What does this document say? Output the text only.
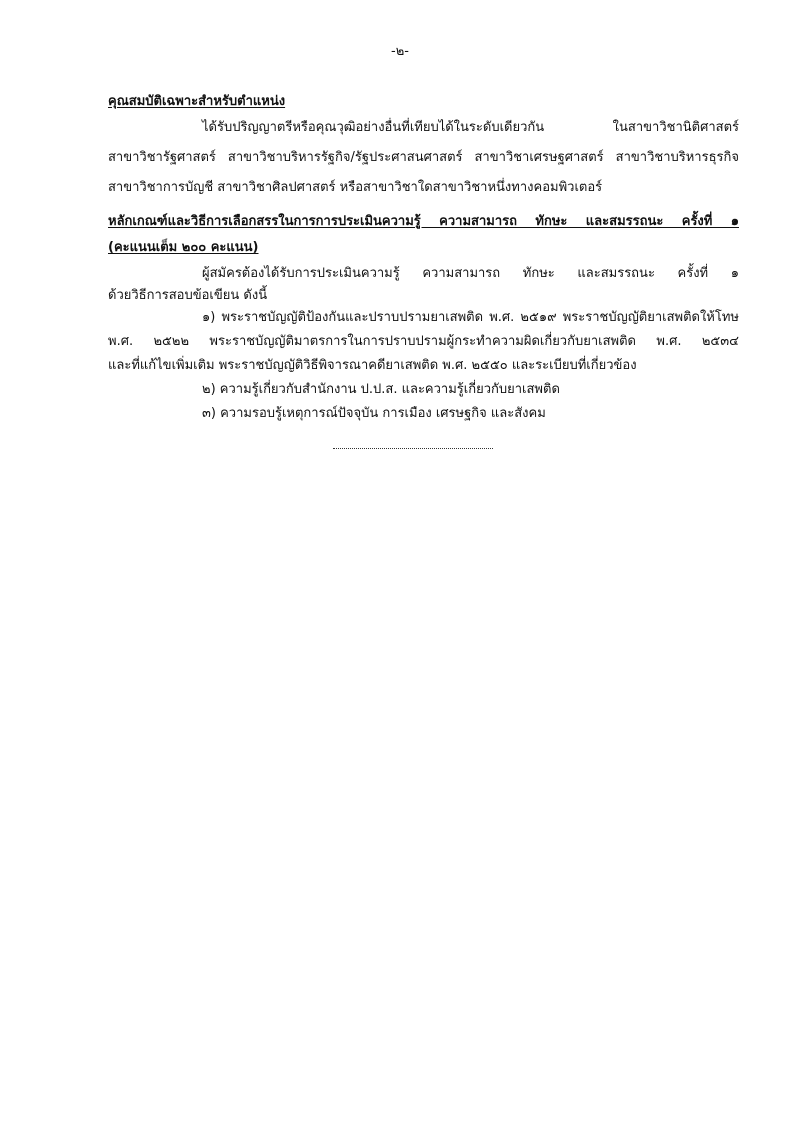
-๒-
คุณสมบัติเฉพาะสำหรับตำแหน่ง
ได้รับปริญญาตรีหรือคุณวุฒิอย่างอื่นที่เทียบได้ในระดับเดียวกัน ในสาขาวิชานิติศาสตร์
สาขาวิชารัฐศาสตร์ สาขาวิชาบริหารรัฐกิจ/รัฐประศาสนศาสตร์ สาขาวิชาเศรษฐศาสตร์ สาขาวิชาบริหารธุรกิจ
สาขาวิชาการบัญชี สาขาวิชาศิลปศาสตร์ หรือสาขาวิชาใดสาขาวิชาหนึ่งทางคอมพิวเตอร์
หลักเกณฑ์และวิธีการเลือกสรรในการการประเมินความรู้ ความสามารถ ทักษะ และสมรรถนะ ครั้งที่ ๑
(คะแนนเต็ม ๒๐๐ คะแนน)
ผู้สมัครต้องได้รับการประเมินความรู้ ความสามารถ ทักษะ และสมรรถนะ ครั้งที่ ๑
ด้วยวิธีการสอบข้อเขียน ดังนี้
๑) พระราชบัญญัติป้องกันและปราบปรามยาเสพติด พ.ศ. ๒๕๑๙ พระราชบัญญัติยาเสพติดให้โทษ
พ.ศ. ๒๕๒๒ พระราชบัญญัติมาตรการในการปราบปรามผู้กระทำความผิดเกี่ยวกับยาเสพติด พ.ศ. ๒๕๓๔
และที่แก้ไขเพิ่มเติม พระราชบัญญัติวิธีพิจารณาคดียาเสพติด พ.ศ. ๒๕๕๐ และระเบียบที่เกี่ยวข้อง
๒) ความรู้เกี่ยวกับสำนักงาน ป.ป.ส. และความรู้เกี่ยวกับยาเสพติด
๓) ความรอบรู้เหตุการณ์ปัจจุบัน การเมือง เศรษฐกิจ และสังคม
